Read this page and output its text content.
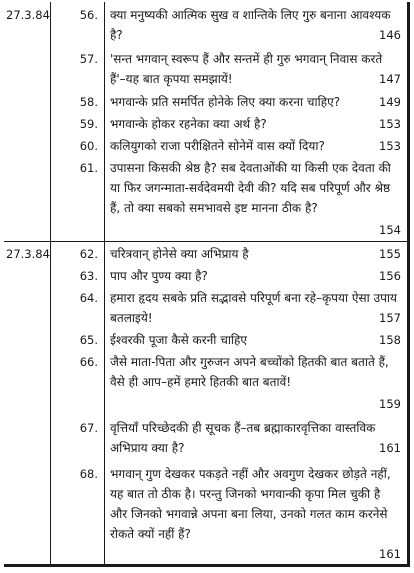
27.3.84	56. क्या मनुष्यकी आत्मिक सुख व शान्तिके लिए गुरु बनाना आवश्यक है?	146
57. 'सन्त भगवान् स्वरूप हैं और सन्तमें ही गुरु भगवान् निवास करते हैं'–यह बात कृपया समझायें!	147
58. भगवान्के प्रति समर्पित होनेके लिए क्या करना चाहिए?	149
59. भगवान्के होकर रहनेका क्या अर्थ है?	153
60. कलियुगको राजा परीक्षितने सोनेमें वास क्यों दिया?	153
61. उपासना किसकी श्रेष्ठ है? सब देवताओंकी या किसी एक देवता की या फिर जगन्माता-सर्वदेवमयी देवी की? यदि सब परिपूर्ण और श्रेष्ठ हैं, तो क्या सबको समभावसे इष्ट मानना ठीक है?
154
27.3.84	62. चरित्रवान् होनेसे क्या अभिप्राय है	155
63. पाप और पुण्य क्या है?	156
64. हमारा हृदय सबके प्रति सद्भावसे परिपूर्ण बना रहे–कृपया ऐसा उपाय बतलाइये!	157
65. ईश्वरकी पूजा कैसे करनी चाहिए	158
66. जैसे माता-पिता और गुरुजन अपने बच्चोंको हितकी बात बताते हैं, वैसे ही आप–हमें हमारे हितकी बात बतावें!
159
67. वृत्तियाँ परिच्छेदकी ही सूचक हैं–तब ब्रह्माकारवृत्तिका वास्तविक अभिप्राय क्या है?	161
68. भगवान् गुण देखकर पकड़ते नहीं और अवगुण देखकर छोड़ते नहीं, यह बात तो ठीक है। परन्तु जिनको भगवान्की कृपा मिल चुकी है और जिनको भगवान्ने अपना बना लिया, उनको गलत काम करनेसे रोकते क्यों नहीं हैं?
161
